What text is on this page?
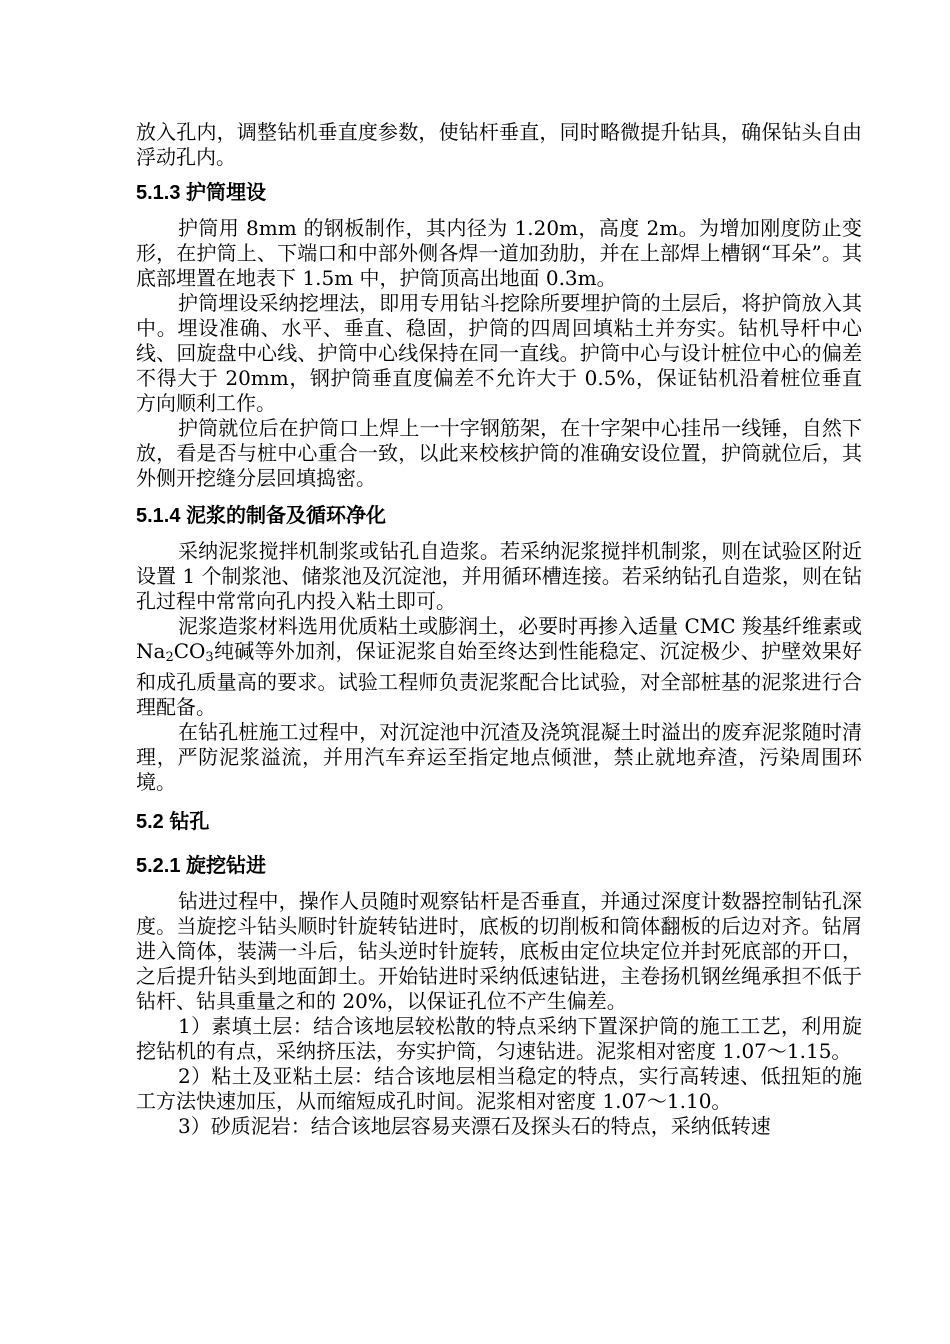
放入孔内，调整钻机垂直度参数，使钻杆垂直，同时略微提升钻具，确保钻头自由浮动孔内。

5.1.3 护筒埋设

护筒用 8mm 的钢板制作，其内径为 1.20m，高度 2m。为增加刚度防止变形，在护筒上、下端口和中部外侧各焊一道加劲肋，并在上部焊上槽钢“耳朵”。其底部埋置在地表下 1.5m 中，护筒顶高出地面 0.3m。

护筒埋设采纳挖埋法，即用专用钻斗挖除所要埋护筒的土层后，将护筒放入其中。埋设准确、水平、垂直、稳固，护筒的四周回填粘土并夯实。钻机导杆中心线、回旋盘中心线、护筒中心线保持在同一直线。护筒中心与设计桩位中心的偏差不得大于 20mm，钢护筒垂直度偏差不允许大于 0.5%，保证钻机沿着桩位垂直方向顺利工作。

护筒就位后在护筒口上焊上一十字钢筋架，在十字架中心挂吊一线锤，自然下放，看是否与桩中心重合一致，以此来校核护筒的准确安设位置，护筒就位后，其外侧开挖缝分层回填捣密。

5.1.4 泥浆的制备及循环净化

采纳泥浆搅拌机制浆或钻孔自造浆。若采纳泥浆搅拌机制浆，则在试验区附近设置 1 个制浆池、储浆池及沉淀池，并用循环槽连接。若采纳钻孔自造浆，则在钻孔过程中常常向孔内投入粘土即可。

泥浆造浆材料选用优质粘土或膨润土，必要时再掺入适量 CMC 羧基纤维素或 $Na_2CO_3$纯碱等外加剂，保证泥浆自始至终达到性能稳定、沉淀极少、护壁效果好和成孔质量高的要求。试验工程师负责泥浆配合比试验，对全部桩基的泥浆进行合理配备。

在钻孔桩施工过程中，对沉淀池中沉渣及浇筑混凝土时溢出的废弃泥浆随时清理，严防泥浆溢流，并用汽车弃运至指定地点倾泄，禁止就地弃渣，污染周围环境。

5.2 钻孔
5.2.1 旋挖钻进

钻进过程中，操作人员随时观察钻杆是否垂直，并通过深度计数器控制钻孔深度。当旋挖斗钻头顺时针旋转钻进时，底板的切削板和筒体翻板的后边对齐。钻屑进入筒体，装满一斗后，钻头逆时针旋转，底板由定位块定位并封死底部的开口，之后提升钻头到地面卸土。开始钻进时采纳低速钻进，主卷扬机钢丝绳承担不低于钻杆、钻具重量之和的 20%，以保证孔位不产生偏差。

1）素填土层：结合该地层较松散的特点采纳下置深护筒的施工工艺，利用旋挖钻机的有点，采纳挤压法，夯实护筒，匀速钻进。泥浆相对密度 1.07～1.15。

2）粘土及亚粘土层：结合该地层相当稳定的特点，实行高转速、低扭矩的施工方法快速加压，从而缩短成孔时间。泥浆相对密度 1.07～1.10。

3）砂质泥岩：结合该地层容易夹漂石及探头石的特点，采纳低转速
